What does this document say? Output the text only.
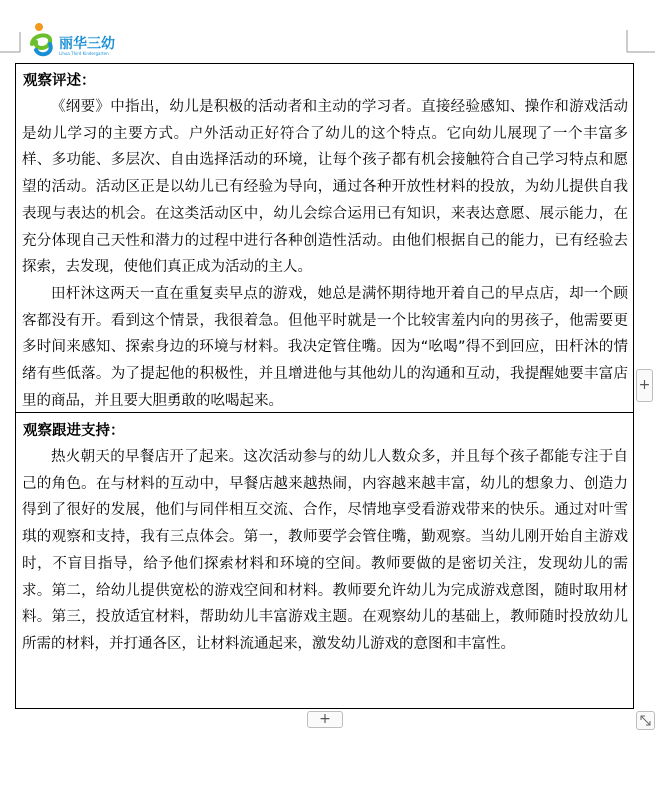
丽华三幼
Lihua Third Kindergarten
观察评述：

《纲要》中指出，幼儿是积极的活动者和主动的学习者。直接经验感知、操作和游戏活动是幼儿学习的主要方式。户外活动正好符合了幼儿的这个特点。它向幼儿展现了一个丰富多样、多功能、多层次、自由选择活动的环境，让每个孩子都有机会接触符合自己学习特点和愿望的活动。活动区正是以幼儿已有经验为导向，通过各种开放性材料的投放，为幼儿提供自我表现与表达的机会。在这类活动区中，幼儿会综合运用已有知识，来表达意愿、展示能力，在充分体现自己天性和潜力的过程中进行各种创造性活动。由他们根据自己的能力，已有经验去探索，去发现，使他们真正成为活动的主人。

田杆沐这两天一直在重复卖早点的游戏，她总是满怀期待地开着自己的早点店，却一个顾客都没有开。看到这个情景，我很着急。但他平时就是一个比较害羞内向的男孩子，他需要更多时间来感知、探索身边的环境与材料。我决定管住嘴。因为“吆喝”得不到回应，田杆沐的情绪有些低落。为了提起他的积极性，并且增进他与其他幼儿的沟通和互动，我提醒她要丰富店里的商品，并且要大胆勇敢的吆喝起来。

观察跟进支持：

热火朝天的早餐店开了起来。这次活动参与的幼儿人数众多，并且每个孩子都能专注于自己的角色。在与材料的互动中，早餐店越来越热闹，内容越来越丰富，幼儿的想象力、创造力得到了很好的发展，他们与同伴相互交流、合作，尽情地享受看游戏带来的快乐。通过对叶雪琪的观察和支持，我有三点体会。第一，教师要学会管住嘴，勤观察。当幼儿刚开始自主游戏时，不盲目指导，给予他们探索材料和环境的空间。教师要做的是密切关注，发现幼儿的需求。第二，给幼儿提供宽松的游戏空间和材料。教师要允许幼儿为完成游戏意图，随时取用材料。第三，投放适宜材料，帮助幼儿丰富游戏主题。在观察幼儿的基础上，教师随时投放幼儿所需的材料，并打通各区，让材料流通起来，激发幼儿游戏的意图和丰富性。

+
+
